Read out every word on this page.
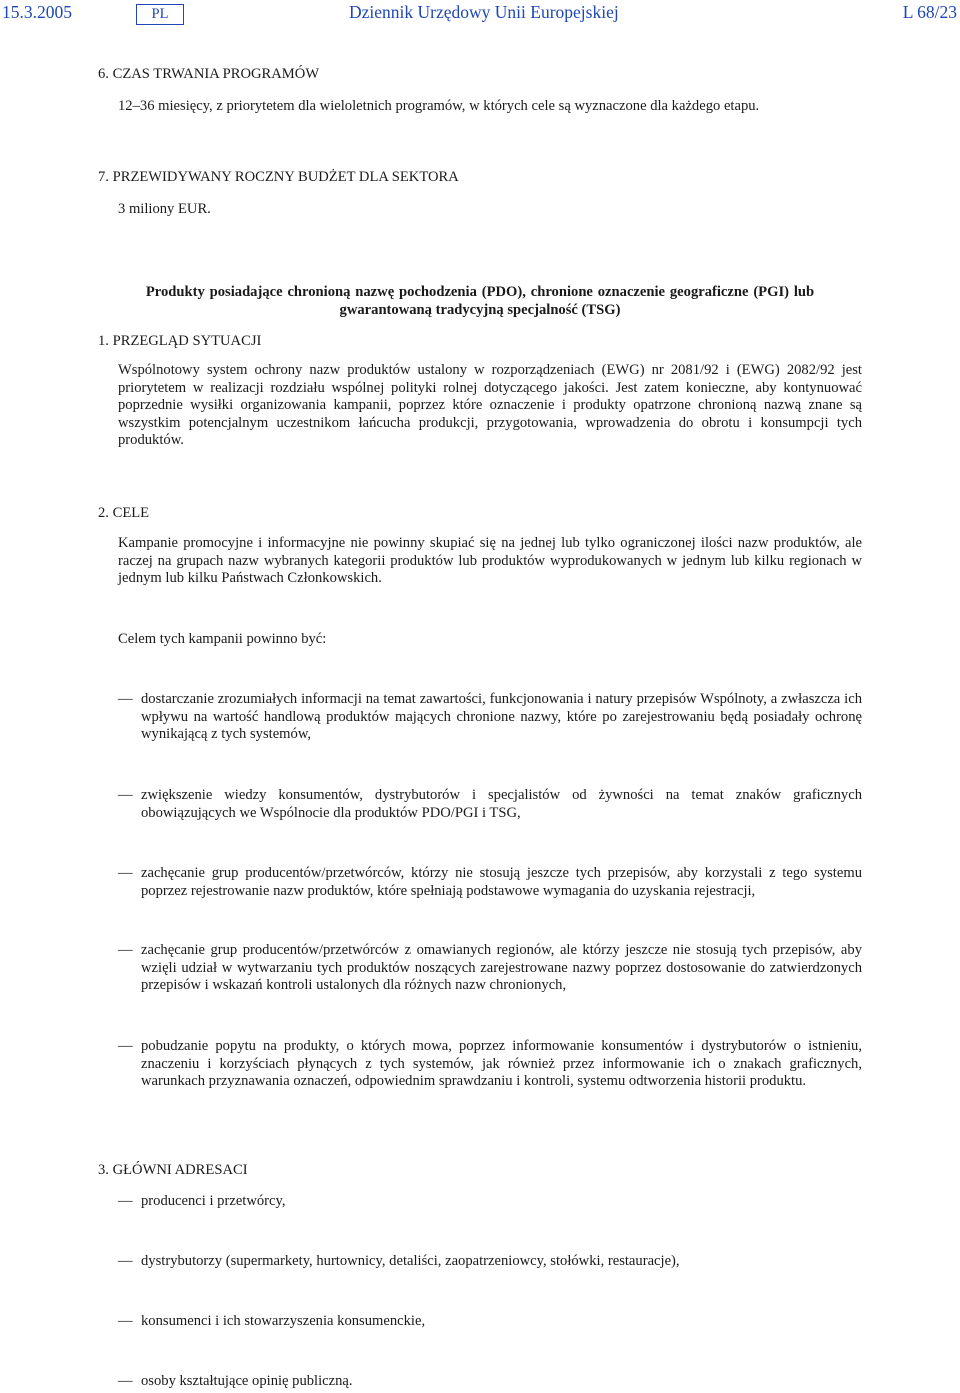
15.3.2005	PL	Dziennik Urzędowy Unii Europejskiej	L 68/23

6. CZAS TRWANIA PROGRAMÓW

12–36 miesięcy, z priorytetem dla wieloletnich programów, w których cele są wyznaczone dla każdego etapu.

7. PRZEWIDYWANY ROCZNY BUDŻET DLA SEKTORA

3 miliony EUR.

Produkty posiadające chronioną nazwę pochodzenia (PDO), chronione oznaczenie geograficzne (PGI) lub

gwarantowaną tradycyjną specjalność (TSG)

1. PRZEGLĄD SYTUACJI

Wspólnotowy system ochrony nazw produktów ustalony w rozporządzeniach (EWG) nr 2081/92 i (EWG) 2082/92 jest priorytetem w realizacji rozdziału wspólnej polityki rolnej dotyczącego jakości. Jest zatem konieczne, aby kontynuować poprzednie wysiłki organizowania kampanii, poprzez które oznaczenie i produkty opatrzone chronioną nazwą znane są wszystkim potencjalnym uczestnikom łańcucha produkcji, przygotowania, wprowadzenia do obrotu i konsumpcji tych produktów.

2. CELE

Kampanie promocyjne i informacyjne nie powinny skupiać się na jednej lub tylko ograniczonej ilości nazw produktów, ale raczej na grupach nazw wybranych kategorii produktów lub produktów wyprodukowanych w jednym lub kilku regionach w jednym lub kilku Państwach Członkowskich.

Celem tych kampanii powinno być:

— dostarczanie zrozumiałych informacji na temat zawartości, funkcjonowania i natury przepisów Wspólnoty, a zwłaszcza ich wpływu na wartość handlową produktów mających chronione nazwy, które po zarejestrowaniu będą posiadały ochronę wynikającą z tych systemów,
— zwiększenie wiedzy konsumentów, dystrybutorów i specjalistów od żywności na temat znaków graficznych obowiązujących we Wspólnocie dla produktów PDO/PGI i TSG,
— zachęcanie grup producentów/przetwórców, którzy nie stosują jeszcze tych przepisów, aby korzystali z tego systemu poprzez rejestrowanie nazw produktów, które spełniają podstawowe wymagania do uzyskania rejestracji,
— zachęcanie grup producentów/przetwórców z omawianych regionów, ale którzy jeszcze nie stosują tych przepisów, aby wzięli udział w wytwarzaniu tych produktów noszących zarejestrowane nazwy poprzez dostosowanie do zatwierdzonych przepisów i wskazań kontroli ustalonych dla różnych nazw chronionych,
— pobudzanie popytu na produkty, o których mowa, poprzez informowanie konsumentów i dystrybutorów o istnieniu, znaczeniu i korzyściach płynących z tych systemów, jak również przez informowanie ich o znakach graficznych, warunkach przyznawania oznaczeń, odpowiednim sprawdzaniu i kontroli, systemu odtworzenia historii produktu.

3. GŁÓWNI ADRESACI

— producenci i przetwórcy,
— dystrybutorzy (supermarkety, hurtownicy, detaliści, zaopatrzeniowcy, stołówki, restauracje),
— konsumenci i ich stowarzyszenia konsumenckie,
— osoby kształtujące opinię publiczną.
